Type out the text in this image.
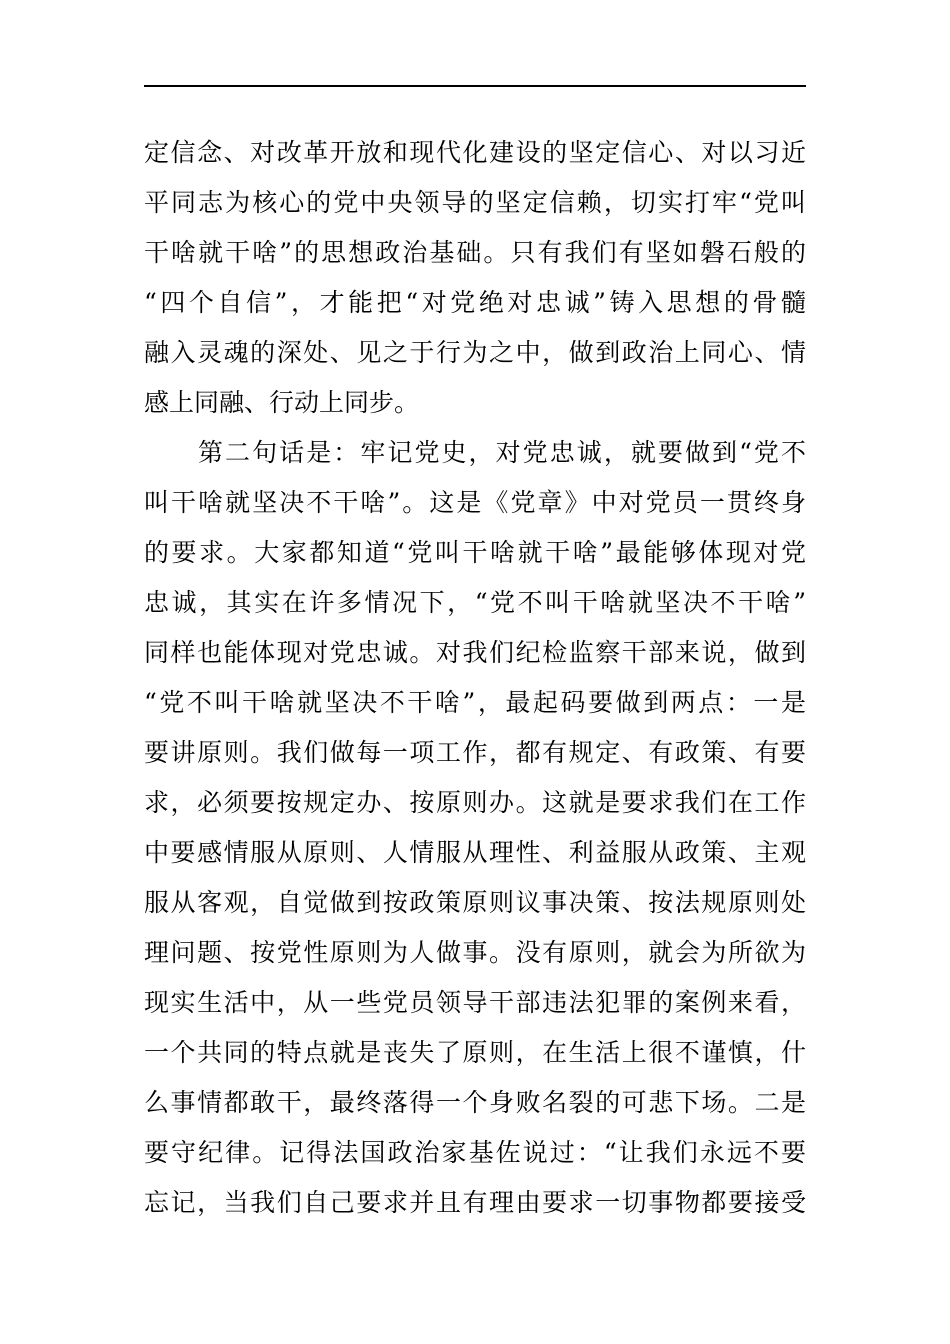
定信念、对改革开放和现代化建设的坚定信心、对以习近
平同志为核心的党中央领导的坚定信赖，切实打牢“党叫
干啥就干啥”的思想政治基础。只有我们有坚如磐石般的
“四个自信”，才能把“对党绝对忠诚”铸入思想的骨髓
融入灵魂的深处、见之于行为之中，做到政治上同心、情
感上同融、行动上同步。
第二句话是：牢记党史，对党忠诚，就要做到“党不
叫干啥就坚决不干啥”。这是《党章》中对党员一贯终身
的要求。大家都知道“党叫干啥就干啥”最能够体现对党
忠诚，其实在许多情况下，“党不叫干啥就坚决不干啥”
同样也能体现对党忠诚。对我们纪检监察干部来说，做到
“党不叫干啥就坚决不干啥”，最起码要做到两点：一是
要讲原则。我们做每一项工作，都有规定、有政策、有要
求，必须要按规定办、按原则办。这就是要求我们在工作
中要感情服从原则、人情服从理性、利益服从政策、主观
服从客观，自觉做到按政策原则议事决策、按法规原则处
理问题、按党性原则为人做事。没有原则，就会为所欲为
现实生活中，从一些党员领导干部违法犯罪的案例来看，
一个共同的特点就是丧失了原则，在生活上很不谨慎，什
么事情都敢干，最终落得一个身败名裂的可悲下场。二是
要守纪律。记得法国政治家基佐说过：“让我们永远不要
忘记，当我们自己要求并且有理由要求一切事物都要接受
